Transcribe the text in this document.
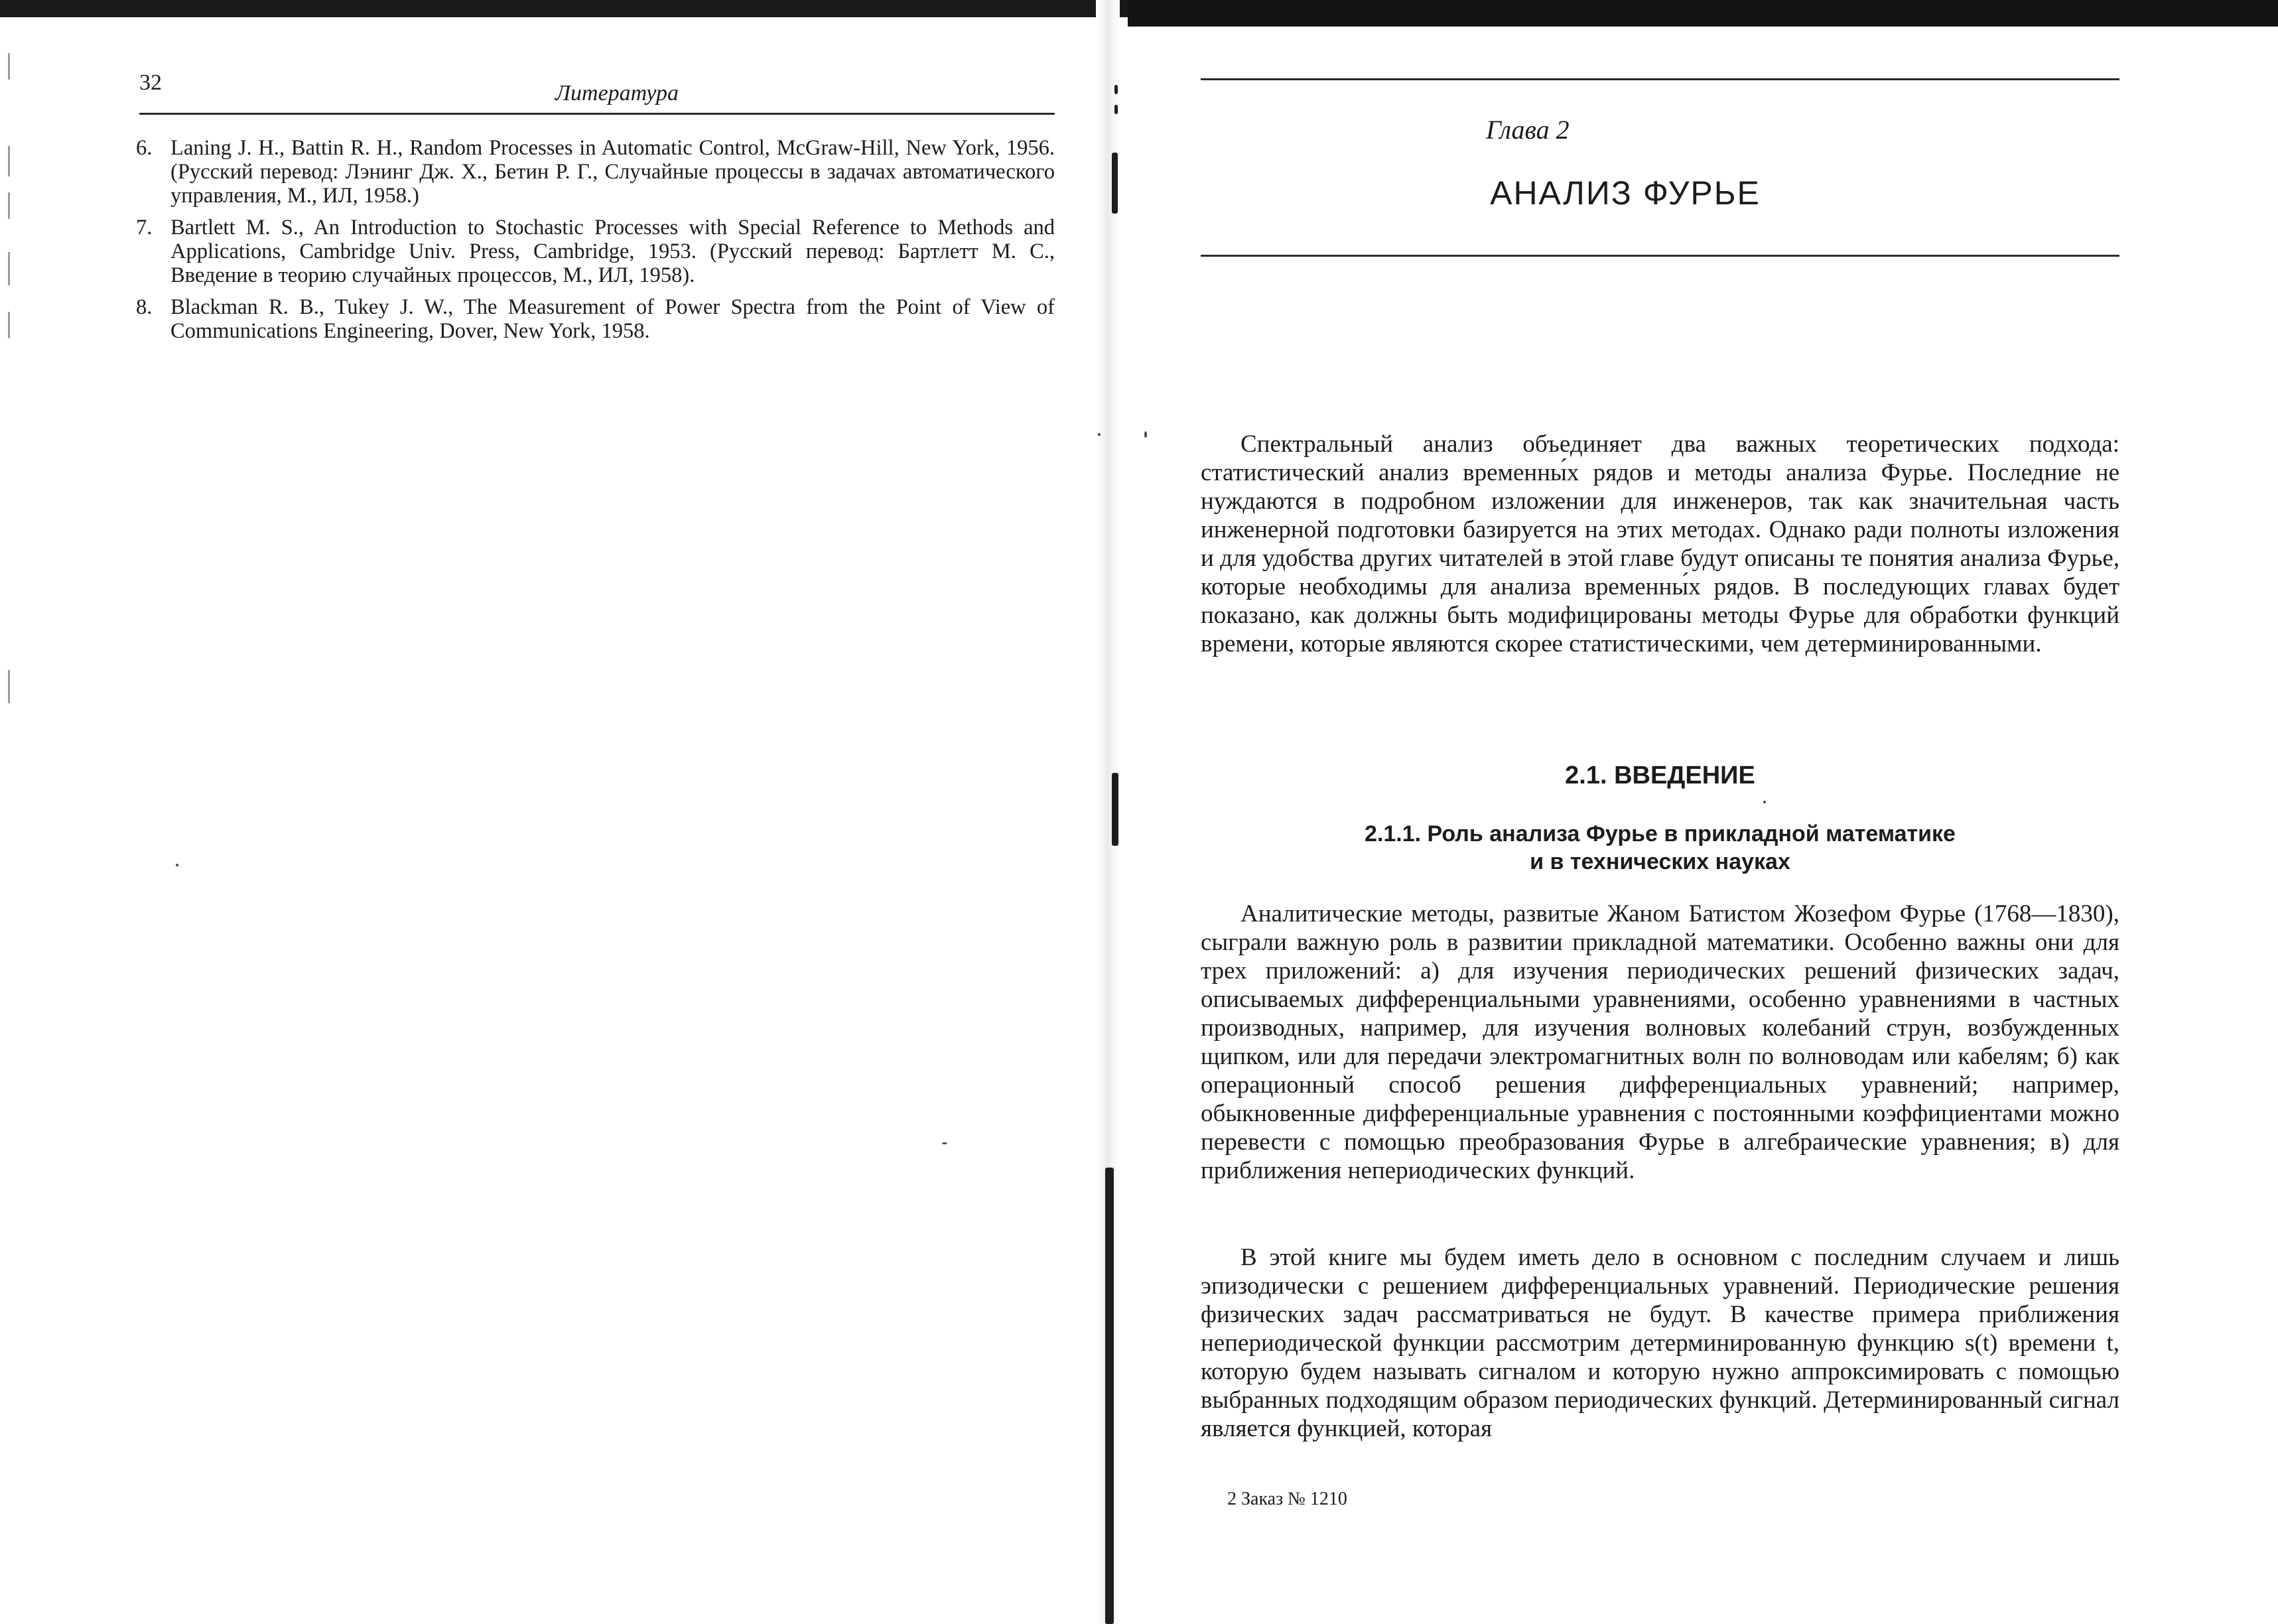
32	Литература
6. Laning J. H., Battin R. H., Random Processes in Automatic Control, McGraw-Hill, New York, 1956. (Русский перевод: Лэнинг Дж. Х., Бетин Р. Г., Случайные процессы в задачах автоматического управления, М., ИЛ, 1958.)
7. Bartlett M. S., An Introduction to Stochastic Processes with Special Reference to Methods and Applications, Cambridge Univ. Press, Cambridge, 1953. (Русский перевод: Бартлетт М. С., Введение в теорию случайных процессов, М., ИЛ, 1958).
8. Blackman R. B., Tukey J. W., The Measurement of Power Spectra from the Point of View of Communications Engineering, Dover, New York, 1958.
Глава 2
АНАЛИЗ ФУРЬЕ

Спектральный анализ объединяет два важных теоретических подхода: статистический анализ временны́х рядов и методы анализа Фурье. Последние не нуждаются в подробном изложении для инженеров, так как значительная часть инженерной подготовки базируется на этих методах. Однако ради полноты изложения и для удобства других читателей в этой главе будут описаны те понятия анализа Фурье, которые необходимы для анализа временны́х рядов. В последующих главах будет показано, как должны быть модифицированы методы Фурье для обработки функций времени, которые являются скорее статистическими, чем детерминированными.

2.1. ВВЕДЕНИЕ
2.1.1. Роль анализа Фурье в прикладной математике
и в технических науках

Аналитические методы, развитые Жаном Батистом Жозефом Фурье (1768—1830), сыграли важную роль в развитии прикладной математики. Особенно важны они для трех приложений: а) для изучения периодических решений физических задач, описываемых дифференциальными уравнениями, особенно уравнениями в частных производных, например, для изучения волновых колебаний струн, возбужденных щипком, или для передачи электромагнитных волн по волноводам или кабелям; б) как операционный способ решения дифференциальных уравнений; например, обыкновенные дифференциальные уравнения с постоянными коэффициентами можно перевести с помощью преобразования Фурье в алгебраические уравнения; в) для приближения непериодических функций.

В этой книге мы будем иметь дело в основном с последним случаем и лишь эпизодически с решением дифференциальных уравнений. Периодические решения физических задач рассматриваться не будут. В качестве примера приближения непериодической функции рассмотрим детерминированную функцию s(t) времени t, которую будем называть сигналом и которую нужно аппроксимировать с помощью выбранных подходящим образом периодических функций. Детерминированный сигнал является функцией, которая

2 Заказ № 1210
